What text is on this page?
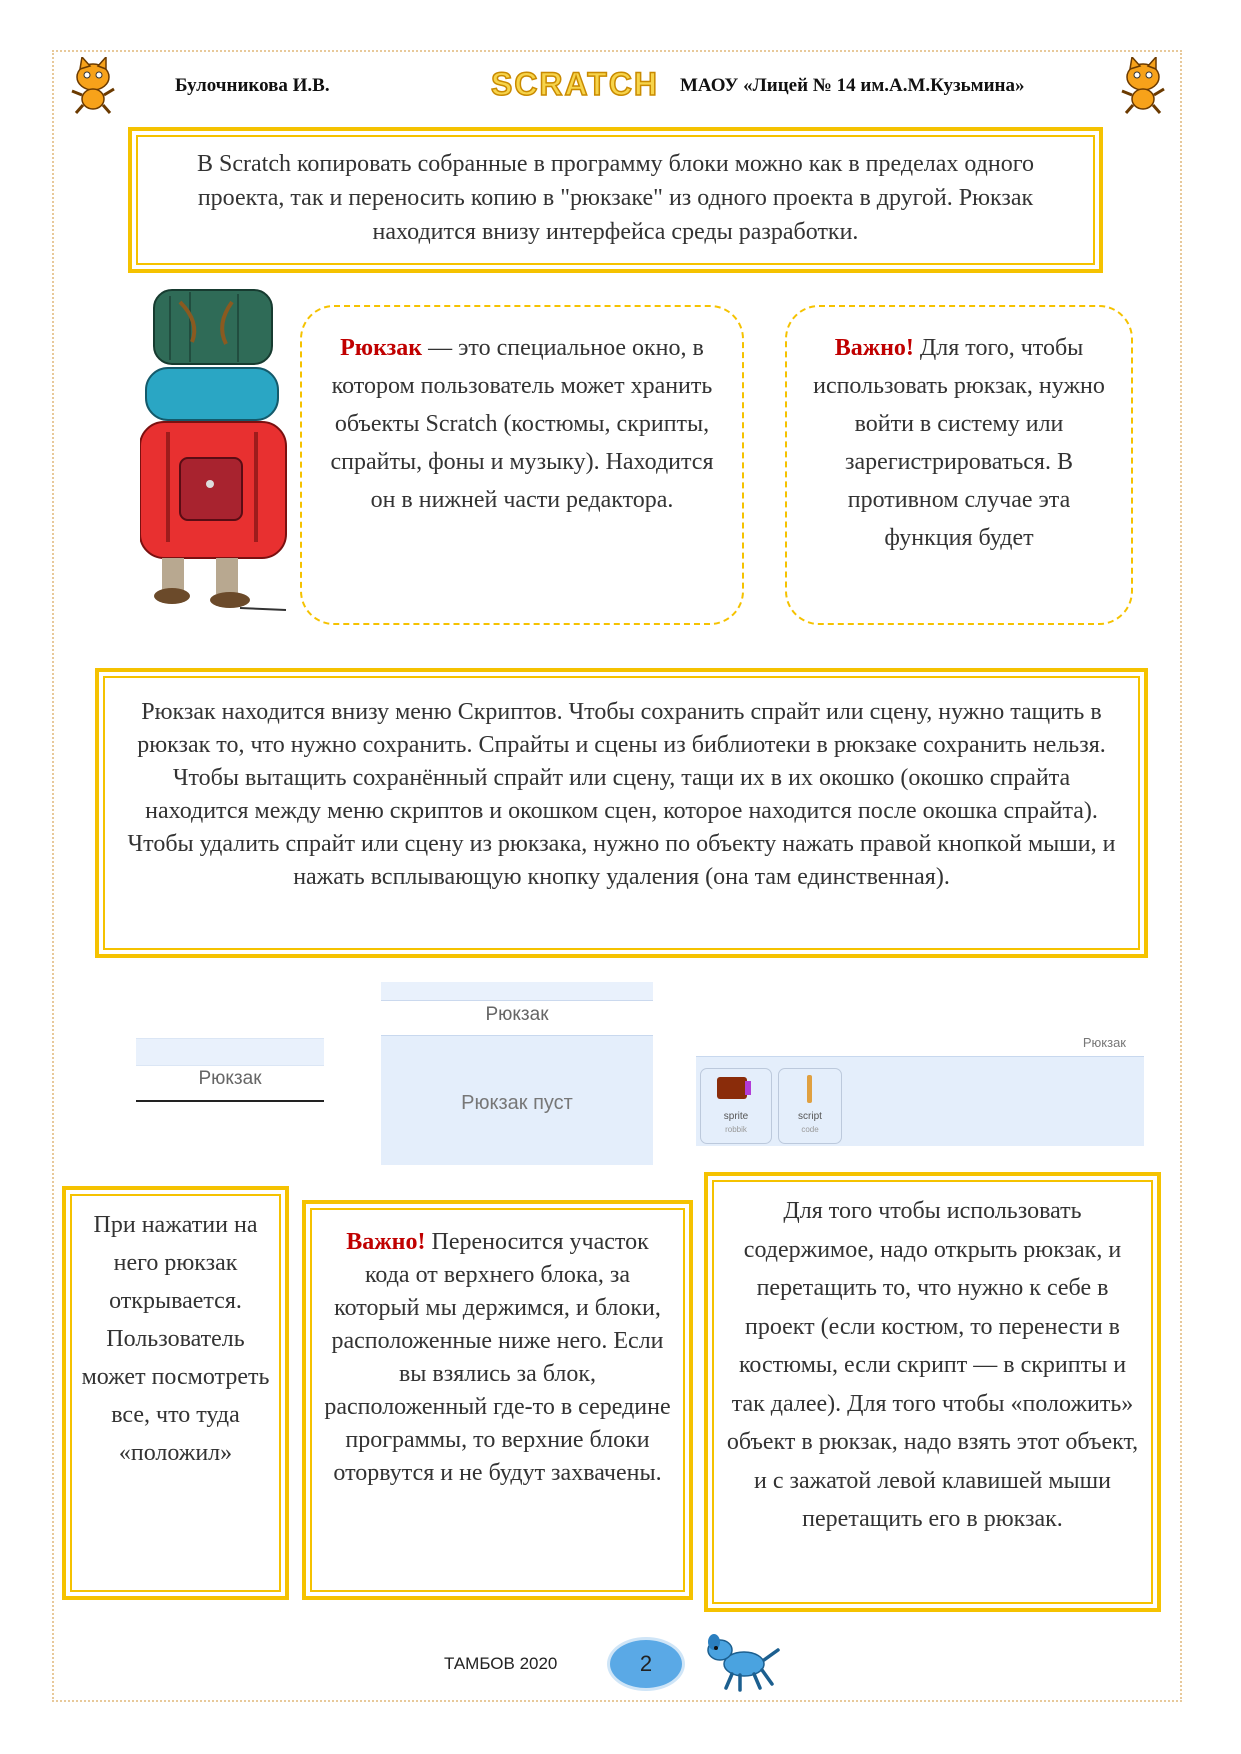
Булочникова И.В.	SCRATCH МАОУ «Лицей № 14 им.А.М.Кузьмина»
В Scratch копировать собранные в программу блоки можно как в пределах одного проекта, так и переносить копию в "рюкзаке" из одного проекта в другой. Рюкзак находится внизу интерфейса среды разработки.
Рюкзак — это специальное окно, в котором пользователь может хранить объекты Scratch (костюмы, скрипты, спрайты, фоны и музыку). Находится он в нижней части редактора.
Важно! Для того, чтобы использовать рюкзак, нужно войти в систему или зарегистрироваться. В противном случае эта функция будет
Рюкзак находится внизу меню Скриптов. Чтобы сохранить спрайт или сцену, нужно тащить в рюкзак то, что нужно сохранить. Спрайты и сцены из библиотеки в рюкзаке сохранить нельзя. Чтобы вытащить сохранённый спрайт или сцену, тащи их в их окошко (окошко спрайта находится между меню скриптов и окошком сцен, которое находится после окошка спрайта). Чтобы удалить спрайт или сцену из рюкзака, нужно по объекту нажать правой кнопкой мыши, и нажать всплывающую кнопку удаления (она там единственная).
Рюкзак
Рюкзак
Рюкзак пуст
Рюкзак
sprite
robbik
script
code
При нажатии на него рюкзак открывается. Пользователь может посмотреть все, что туда «положил»
Важно! Переносится участок кода от верхнего блока, за который мы держимся, и блоки, расположенные ниже него. Если вы взялись за блок, расположенный где-то в середине программы, то верхние блоки оторвутся и не будут захвачены.
Для того чтобы использовать содержимое, надо открыть рюкзак, и перетащить то, что нужно к себе в проект (если костюм, то перенести в костюмы, если скрипт — в скрипты и так далее). Для того чтобы «положить» объект в рюкзак, надо взять этот объект, и с зажатой левой клавишей мыши перетащить его в рюкзак.
ТАМБОВ 2020	2
